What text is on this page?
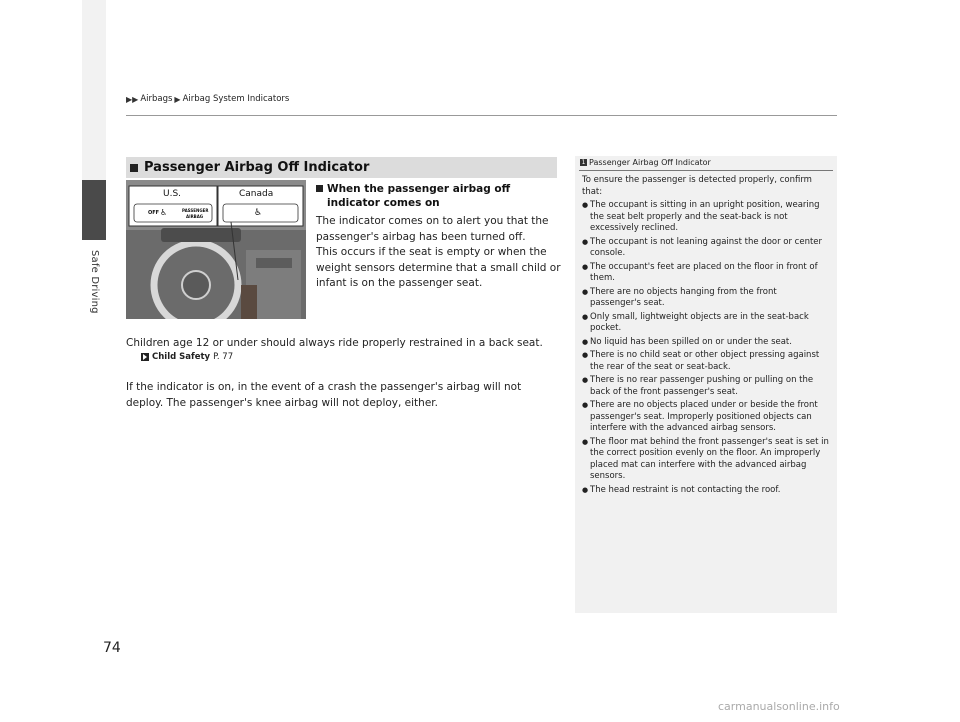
Safe Driving
74
▶▶ Airbags ▶ Airbag System Indicators
Passenger Airbag Off Indicator
U.S.	Canada
OFF ♿	PASSENGER
AIRBAG	♿
When the passenger airbag off
indicator comes on
The indicator comes on to alert you that the passenger's airbag has been turned off.
This occurs if the seat is empty or when the weight sensors determine that a small child or infant is on the passenger seat.
Children age 12 or under should always ride properly restrained in a back seat.
Child Safety P. 77
If the indicator is on, in the event of a crash the passenger's airbag will not deploy. The passenger's knee airbag will not deploy, either.
1 Passenger Airbag Off Indicator
To ensure the passenger is detected properly, confirm that:
● The occupant is sitting in an upright position, wearing the seat belt properly and the seat-back is not excessively reclined.
● The occupant is not leaning against the door or center console.
● The occupant's feet are placed on the floor in front of them.
● There are no objects hanging from the front passenger's seat.
● Only small, lightweight objects are in the seat-back pocket.
● No liquid has been spilled on or under the seat.
● There is no child seat or other object pressing against the rear of the seat or seat-back.
● There is no rear passenger pushing or pulling on the back of the front passenger's seat.
● There are no objects placed under or beside the front passenger's seat. Improperly positioned objects can interfere with the advanced airbag sensors.
● The floor mat behind the front passenger's seat is set in the correct position evenly on the floor. An improperly placed mat can interfere with the advanced airbag sensors.
● The head restraint is not contacting the roof.
carmanualsonline.info
